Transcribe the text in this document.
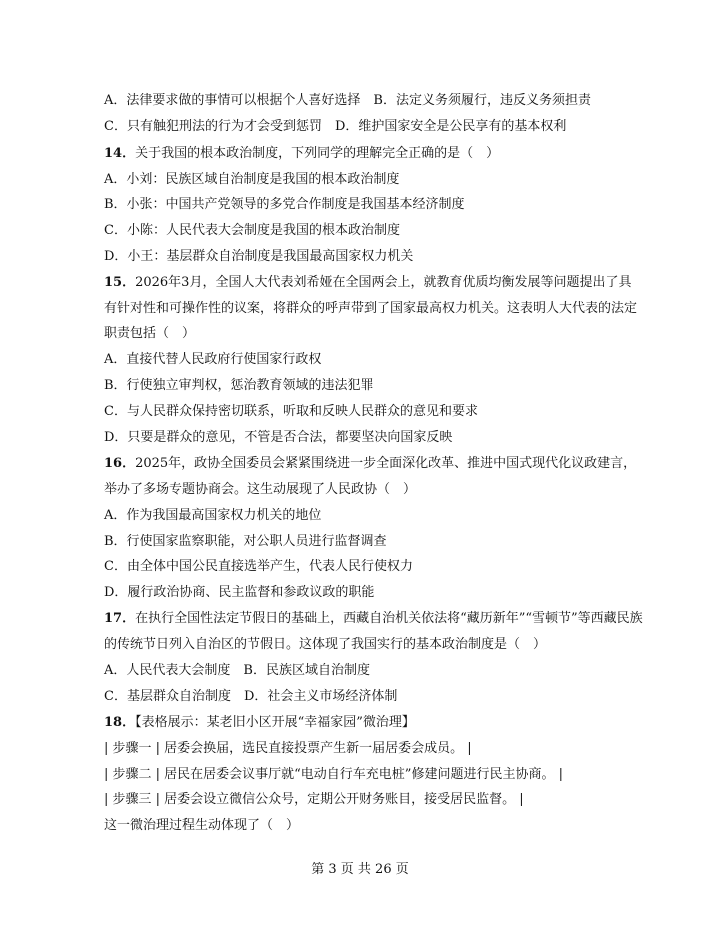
A．法律要求做的事情可以根据个人喜好选择　B．法定义务须履行，违反义务须担责
C．只有触犯刑法的行为才会受到惩罚　D．维护国家安全是公民享有的基本权利
14．关于我国的根本政治制度，下列同学的理解完全正确的是（　）
A．小刘：民族区域自治制度是我国的根本政治制度
B．小张：中国共产党领导的多党合作制度是我国基本经济制度
C．小陈：人民代表大会制度是我国的根本政治制度
D．小王：基层群众自治制度是我国最高国家权力机关
15．2026年3月，全国人大代表刘希娅在全国两会上，就教育优质均衡发展等问题提出了具
有针对性和可操作性的议案，将群众的呼声带到了国家最高权力机关。这表明人大代表的法定
职责包括（　）
A．直接代替人民政府行使国家行政权
B．行使独立审判权，惩治教育领域的违法犯罪
C．与人民群众保持密切联系，听取和反映人民群众的意见和要求
D．只要是群众的意见，不管是否合法，都要坚决向国家反映
16．2025年，政协全国委员会紧紧围绕进一步全面深化改革、推进中国式现代化议政建言，
举办了多场专题协商会。这生动展现了人民政协（　）
A．作为我国最高国家权力机关的地位
B．行使国家监察职能，对公职人员进行监督调查
C．由全体中国公民直接选举产生，代表人民行使权力
D．履行政治协商、民主监督和参政议政的职能
17．在执行全国性法定节假日的基础上，西藏自治机关依法将“藏历新年”“雪顿节”等西藏民族
的传统节日列入自治区的节假日。这体现了我国实行的基本政治制度是（　）
A．人民代表大会制度　B．民族区域自治制度
C．基层群众自治制度　D．社会主义市场经济体制
18．【表格展示：某老旧小区开展“幸福家园”微治理】
| 步骤一 | 居委会换届，选民直接投票产生新一届居委会成员。 |
| 步骤二 | 居民在居委会议事厅就“电动自行车充电桩”修建问题进行民主协商。 |
| 步骤三 | 居委会设立微信公众号，定期公开财务账目，接受居民监督。 |
这一微治理过程生动体现了（　）
第 3 页 共 26 页
